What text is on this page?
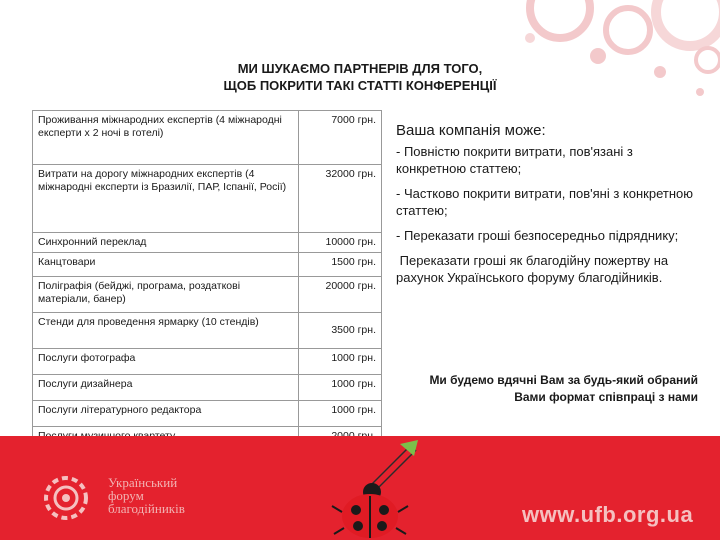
МИ ШУКАЄМО ПАРТНЕРІВ ДЛЯ ТОГО,
ЩОБ ПОКРИТИ ТАКІ СТАТТІ КОНФЕРЕНЦІЇ
Проживання міжнародних експертів (4 міжнародні експерти х 2 ночі в готелі)	7000 грн.
Витрати на дорогу міжнародних експертів (4 міжнародні експерти із Бразилії, ПАР, Іспанії, Росії)	32000 грн.
Синхронний переклад	10000 грн.
Канцтовари	1500 грн.
Поліграфія (бейджі, програма, роздаткові матеріали, банер)	20000 грн.
Стенди для проведення ярмарку (10 стендів)	3500 грн.
Послуги фотографа	1000 грн.
Послуги дизайнера	1000 грн.
Послуги літературного редактора	1000 грн.

Ваша компанія може:
- Повністю покрити витрати, пов'язані з конкретною статтею;
- Частково покрити витрати, пов'яні з конкретною статтею;
- Переказати гроші безпосередньо підряднику;
Переказати гроші як благодійну пожертву на рахунок Українського форуму благодійників.
Ми будемо вдячні Вам за будь-який обраний Вами формат співпраці з нами
Український
форум
благодійників	www.ufb.org.ua
